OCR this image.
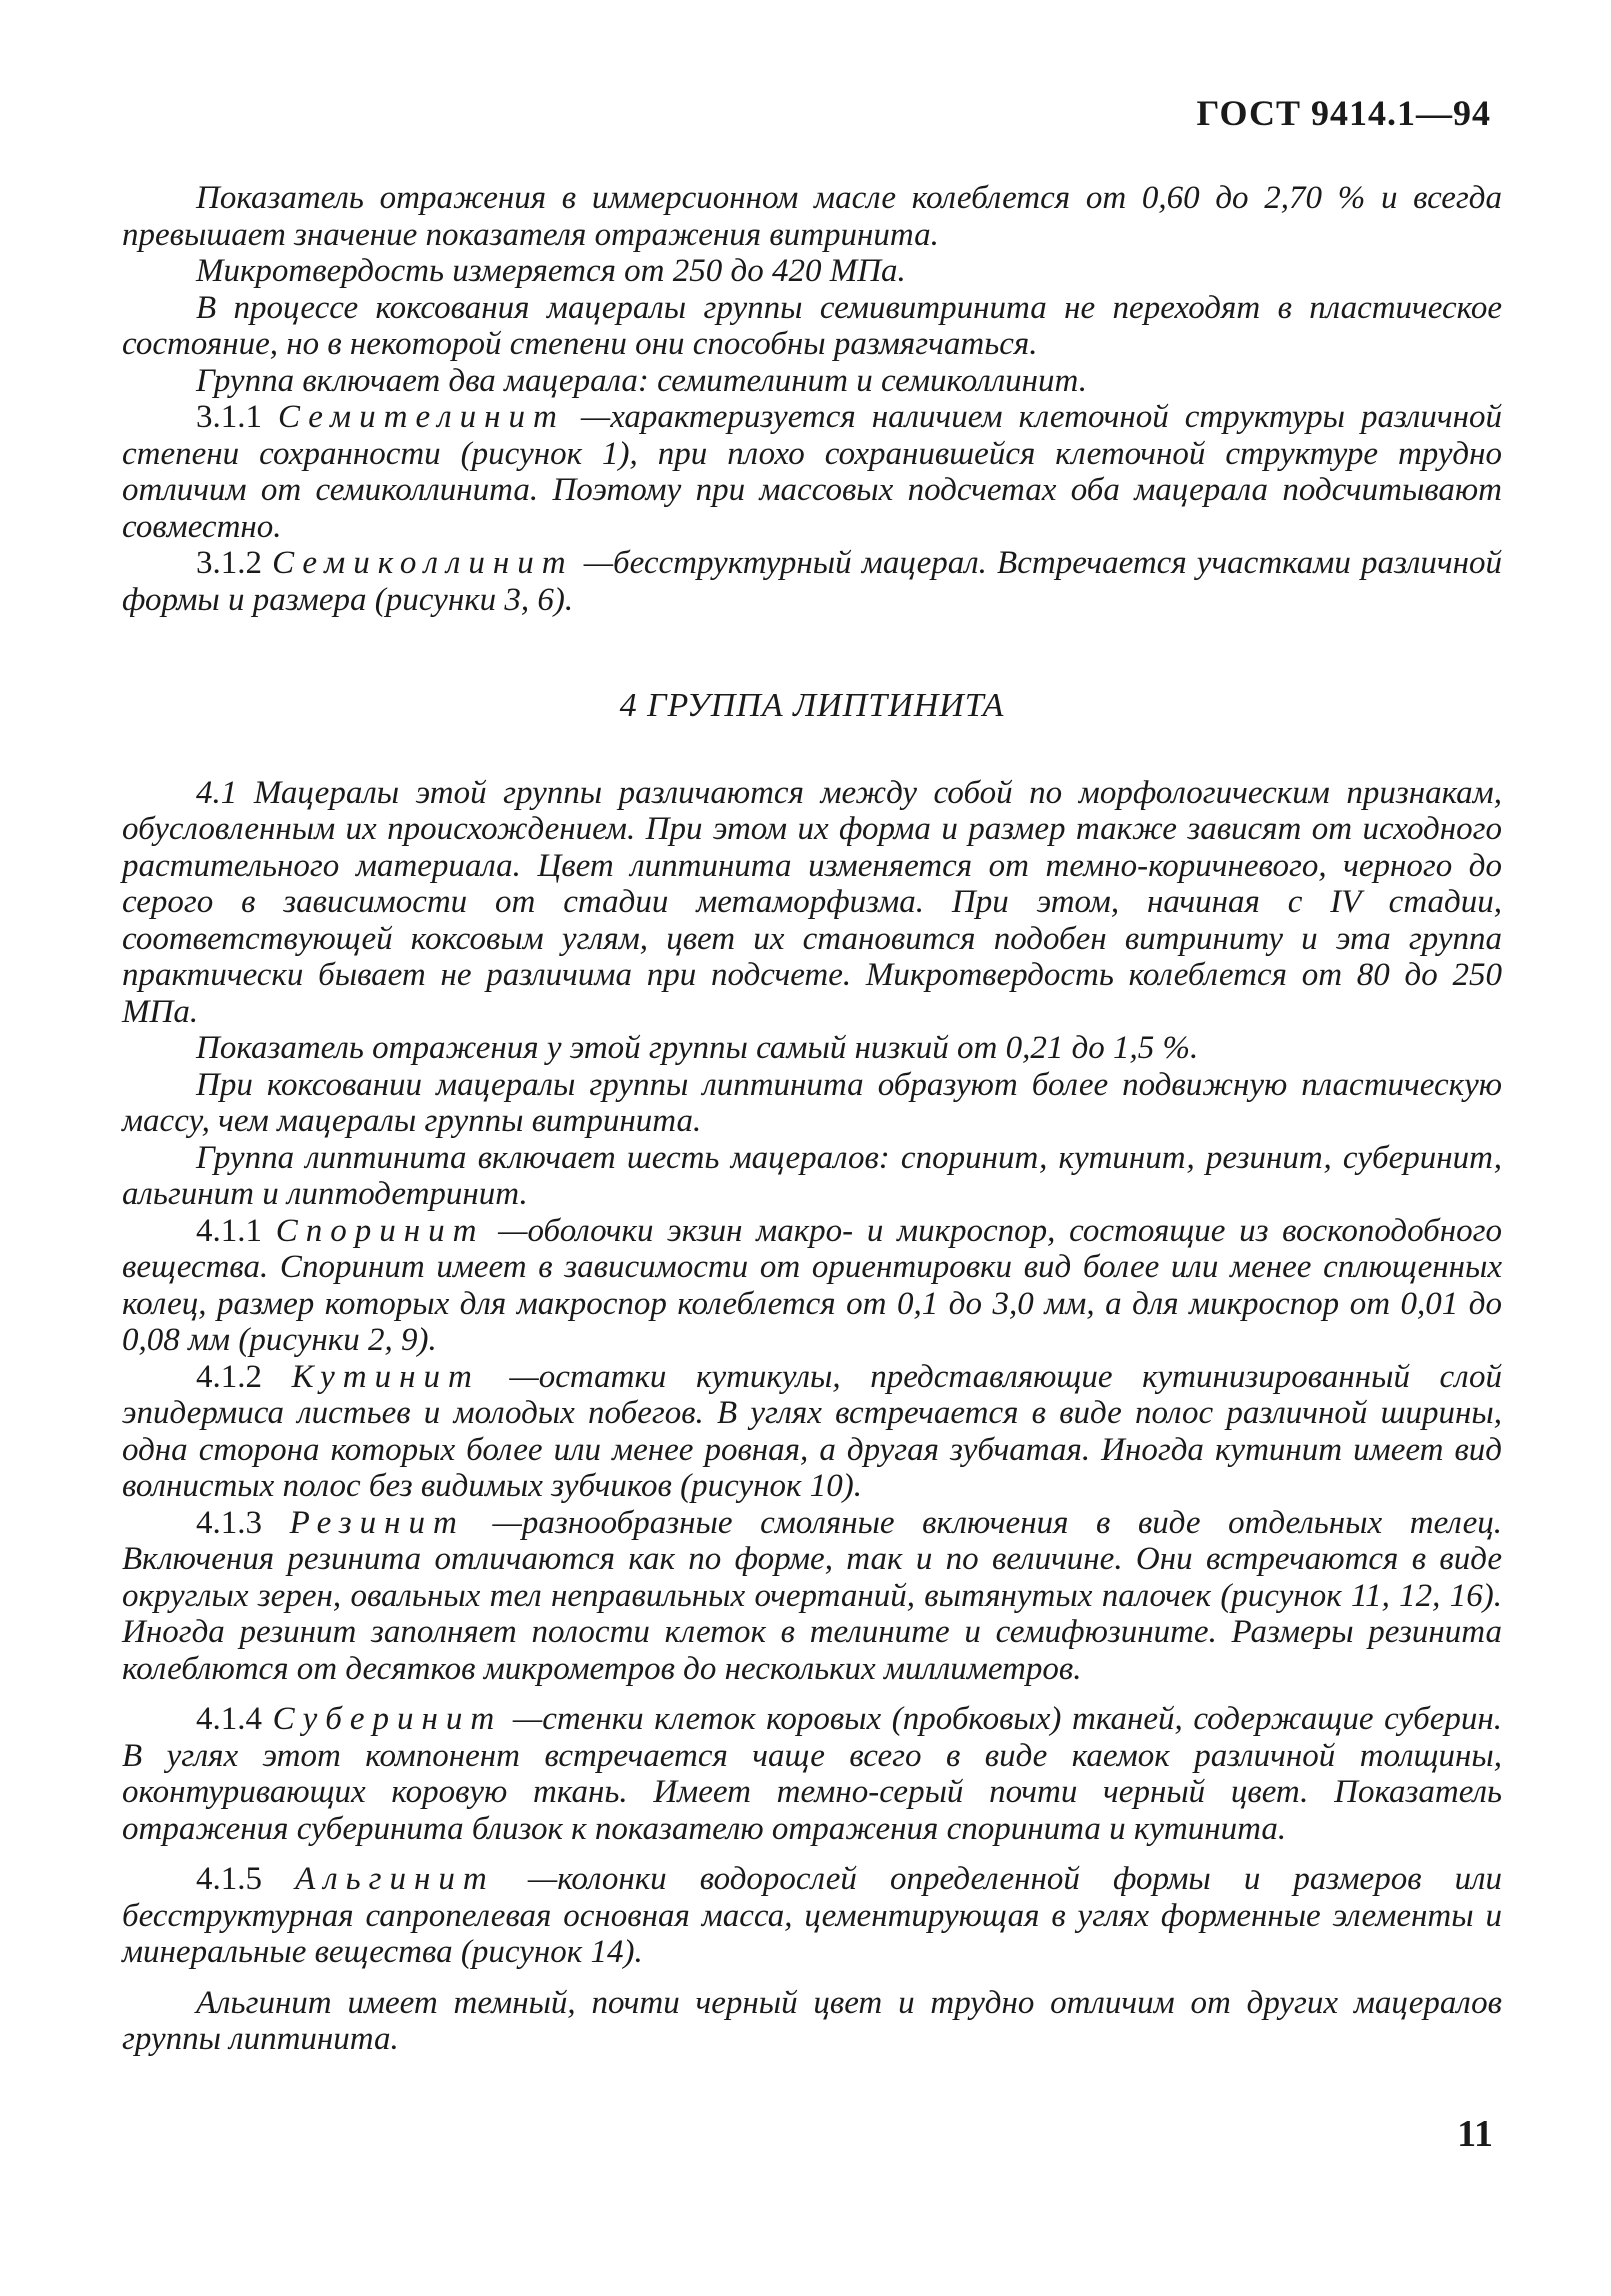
ГОСТ 9414.1—94

Показатель отражения в иммерсионном масле колеблется от 0,60 до 2,70 % и всегда превышает значение показателя отражения витринита.

Микротвердость измеряется от 250 до 420 МПа.

В процессе коксования мацералы группы семивитринита не переходят в пластическое состояние, но в некоторой степени они способны размягчаться.

Группа включает два мацерала: семителинит и семиколлинит.

3.1.1 Семителинит —характеризуется наличием клеточной структуры различной степени сохранности (рисунок 1), при плохо сохранившейся клеточной структуре трудно отличим от семиколлинита. Поэтому при массовых подсчетах оба мацерала подсчитывают совместно.

3.1.2 Семиколлинит —бесструктурный мацерал. Встречается участками различной формы и размера (рисунки 3, 6).

4 ГРУППА ЛИПТИНИТА

4.1 Мацералы этой группы различаются между собой по морфологическим признакам, обусловленным их происхождением. При этом их форма и размер также зависят от исходного растительного материала. Цвет липтинита изменяется от темно-коричневого, черного до серого в зависимости от стадии метаморфизма. При этом, начиная с IV стадии, соответствующей коксовым углям, цвет их становится подобен витриниту и эта группа практически бывает не различима при подсчете. Микротвердость колеблется от 80 до 250 МПа.

Показатель отражения у этой группы самый низкий от 0,21 до 1,5 %.

При коксовании мацералы группы липтинита образуют более подвижную пластическую массу, чем мацералы группы витринита.

Группа липтинита включает шесть мацералов: споринит, кутинит, резинит, суберинит, альгинит и липтодетринит.

4.1.1 Споринит —оболочки экзин макро- и микроспор, состоящие из воскоподобного вещества. Споринит имеет в зависимости от ориентировки вид более или менее сплющенных колец, размер которых для макроспор колеблется от 0,1 до 3,0 мм, а для микроспор от 0,01 до 0,08 мм (рисунки 2, 9).

4.1.2 Кутинит —остатки кутикулы, представляющие кутинизированный слой эпидермиса листьев и молодых побегов. В углях встречается в виде полос различной ширины, одна сторона которых более или менее ровная, а другая зубчатая. Иногда кутинит имеет вид волнистых полос без видимых зубчиков (рисунок 10).

4.1.3 Резинит —разнообразные смоляные включения в виде отдельных телец. Включения резинита отличаются как по форме, так и по величине. Они встречаются в виде округлых зерен, овальных тел неправильных очертаний, вытянутых палочек (рисунок 11, 12, 16). Иногда резинит заполняет полости клеток в телините и семифюзините. Размеры резинита колеблются от десятков микрометров до нескольких миллиметров.

4.1.4 Суберинит —стенки клеток коровых (пробковых) тканей, содержащие суберин. В углях этот компонент встречается чаще всего в виде каемок различной толщины, оконтуривающих коровую ткань. Имеет темно-серый почти черный цвет. Показатель отражения суберинита близок к показателю отражения споринита и кутинита.

4.1.5 Альгинит —колонки водорослей определенной формы и размеров или бесструктурная сапропелевая основная масса, цементирующая в углях форменные элементы и минеральные вещества (рисунок 14).

Альгинит имеет темный, почти черный цвет и трудно отличим от других мацералов группы липтинита.

11
